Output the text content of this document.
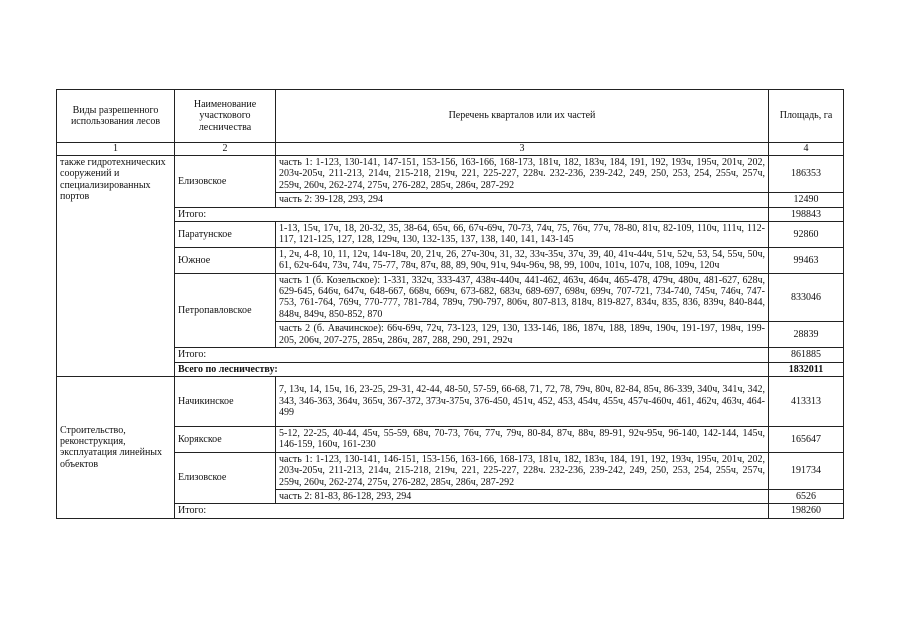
Виды разрешенного использования лесов	Наименование участкового лесничества	Перечень кварталов или их частей	Площадь, га
1	2	3	4
также гидротехнических сооружений и специализированных портов	Елизовское	часть 1: 1-123, 130-141, 147-151, 153-156, 163-166, 168-173, 181ч, 182, 183ч, 184, 191, 192, 193ч, 195ч, 201ч, 202, 203ч-205ч, 211-213, 214ч, 215-218, 219ч, 221, 225-227, 228ч. 232-236, 239-242, 249, 250, 253, 254, 255ч, 257ч, 259ч, 260ч, 262-274, 275ч, 276-282, 285ч, 286ч, 287-292	186353
		часть 2: 39-128, 293, 294	12490
	Итого:		198843
	Паратунское	1-13, 15ч, 17ч, 18, 20-32, 35, 38-64, 65ч, 66, 67ч-69ч, 70-73, 74ч, 75, 76ч, 77ч, 78-80, 81ч, 82-109, 110ч, 111ч, 112-117, 121-125, 127, 128, 129ч, 130, 132-135, 137, 138, 140, 141, 143-145	92860
	Южное	1, 2ч, 4-8, 10, 11, 12ч, 14ч-18ч, 20, 21ч, 26, 27ч-30ч, 31, 32, 33ч-35ч, 37ч, 39, 40, 41ч-44ч, 51ч, 52ч, 53, 54, 55ч, 50ч, 61, 62ч-64ч, 73ч, 74ч, 75-77, 78ч, 87ч, 88, 89, 90ч, 91ч, 94ч-96ч, 98, 99, 100ч, 101ч, 107ч, 108, 109ч, 120ч	99463
	Петропавловское	часть 1 (б. Козельское): 1-331, 332ч, 333-437, 438ч-440ч, 441-462, 463ч, 464ч, 465-478, 479ч, 480ч, 481-627, 628ч, 629-645, 646ч, 647ч, 648-667, 668ч, 669ч, 673-682, 683ч, 689-697, 698ч, 699ч, 707-721, 734-740, 745ч, 746ч, 747-753, 761-764, 769ч, 770-777, 781-784, 789ч, 790-797, 806ч, 807-813, 818ч, 819-827, 834ч, 835, 836, 839ч, 840-844, 848ч, 849ч, 850-852, 870	833046
		часть 2 (б. Авачинское): 66ч-69ч, 72ч, 73-123, 129, 130, 133-146, 186, 187ч, 188, 189ч, 190ч, 191-197, 198ч, 199-205, 206ч, 207-275, 285ч, 286ч, 287, 288, 290, 291, 292ч	28839
	Итого:		861885
	Всего по лесничеству:		1832011
Строительство, реконструкция, эксплуатация линейных объектов	Начикинское	7, 13ч, 14, 15ч, 16, 23-25, 29-31, 42-44, 48-50, 57-59, 66-68, 71, 72, 78, 79ч, 80ч, 82-84, 85ч, 86-339, 340ч, 341ч, 342, 343, 346-363, 364ч, 365ч, 367-372, 373ч-375ч, 376-450, 451ч, 452, 453, 454ч, 455ч, 457ч-460ч, 461, 462ч, 463ч, 464-499	413313
	Корякское	5-12, 22-25, 40-44, 45ч, 55-59, 68ч, 70-73, 76ч, 77ч, 79ч, 80-84, 87ч, 88ч, 89-91, 92ч-95ч, 96-140, 142-144, 145ч, 146-159, 160ч, 161-230	165647
	Елизовское	часть 1: 1-123, 130-141, 146-151, 153-156, 163-166, 168-173, 181ч, 182, 183ч, 184, 191, 192, 193ч, 195ч, 201ч, 202, 203ч-205ч, 211-213, 214ч, 215-218, 219ч, 221, 225-227, 228ч. 232-236, 239-242, 249, 250, 253, 254, 255ч, 257ч, 259ч, 260ч, 262-274, 275ч, 276-282, 285ч, 286ч, 287-292	191734
		часть 2: 81-83, 86-128, 293, 294	6526
	Итого:		198260
